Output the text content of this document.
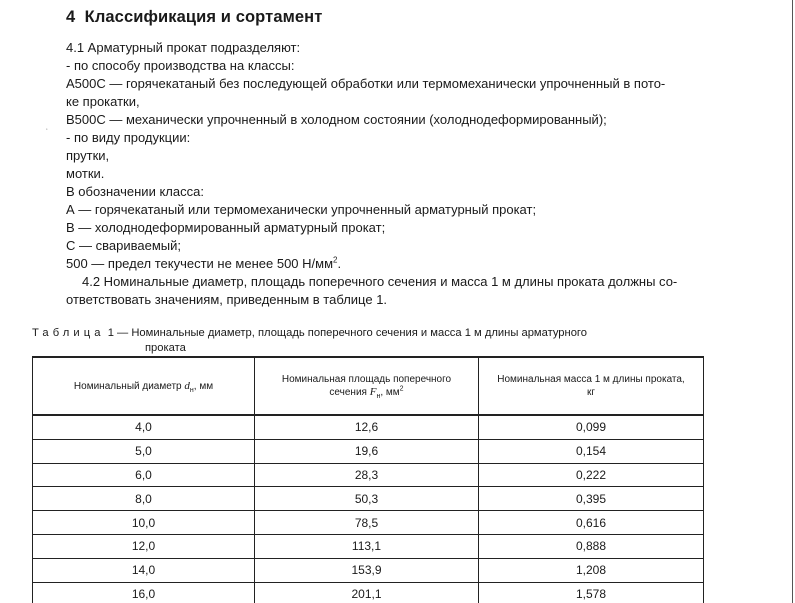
4 Классификация и сортамент
4.1 Арматурный прокат подразделяют:
- по способу производства на классы:
А500С — горячекатаный без последующей обработки или термомеханически упрочненный в пото-
ке прокатки,
В500С — механически упрочненный в холодном состоянии (холоднодеформированный);
ʻ - по виду продукции:
прутки,
мотки.
В обозначении класса:
А — горячекатаный или термомеханически упрочненный арматурный прокат;
В — холоднодеформированный арматурный прокат;
С — свариваемый;
500 — предел текучести не менее 500 $Н/мм^2$.
4.2 Номинальные диаметр, площадь поперечного сечения и масса 1 м длины проката должны со-
ответствовать значениям, приведенным в таблице 1.
Таблица 1 — Номинальные диаметр, площадь поперечного сечения и масса 1 м длины арматурного
проката
Номинальный диаметр $d_н$, мм	Номинальная площадь поперечного
сечения $F_н$, $мм^2$	Номинальная масса 1 м длины проката,
кг
4,0	12,6	0,099
5,0	19,6	0,154
6,0	28,3	0,222
8,0	50,3	0,395
10,0	78,5	0,616
12,0	113,1	0,888
14,0	153,9	1,208
16,0	201,1	1,578
